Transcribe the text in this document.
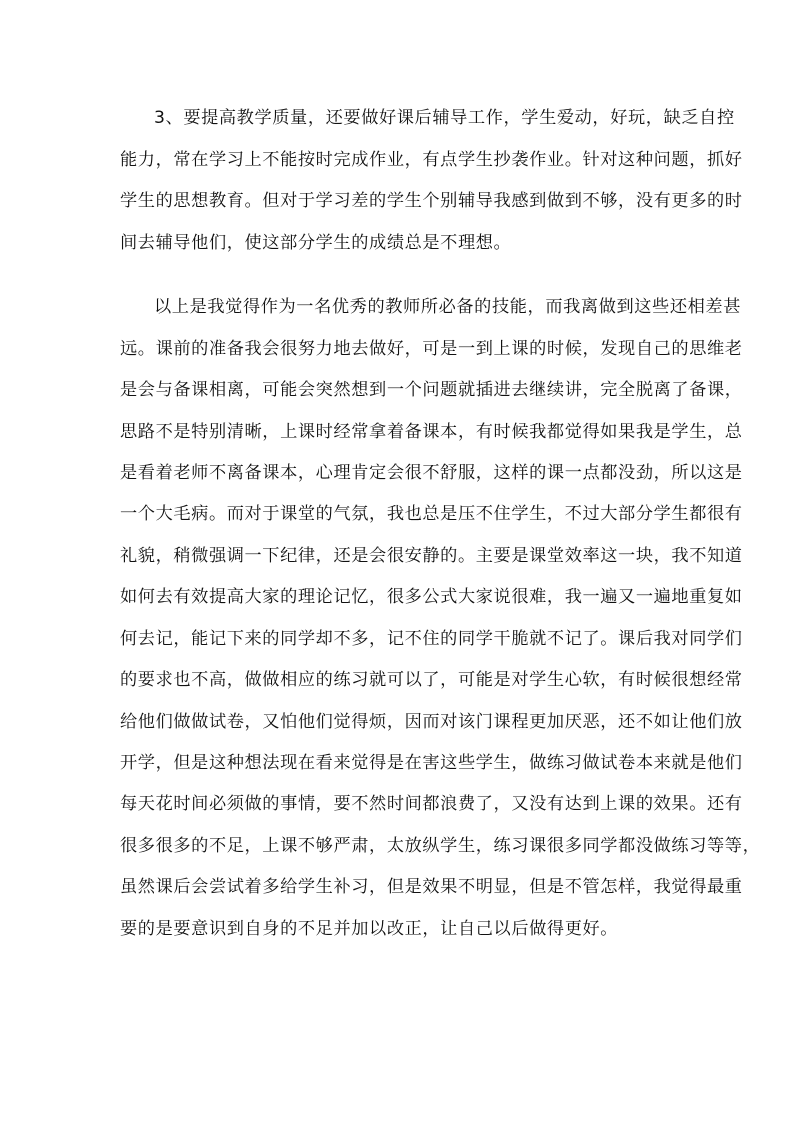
3、要提高教学质量，还要做好课后辅导工作，学生爱动，好玩，缺乏自控
能力，常在学习上不能按时完成作业，有点学生抄袭作业。针对这种问题，抓好
学生的思想教育。但对于学习差的学生个别辅导我感到做到不够，没有更多的时
间去辅导他们，使这部分学生的成绩总是不理想。
以上是我觉得作为一名优秀的教师所必备的技能，而我离做到这些还相差甚
远。课前的准备我会很努力地去做好，可是一到上课的时候，发现自己的思维老
是会与备课相离，可能会突然想到一个问题就插进去继续讲，完全脱离了备课，
思路不是特别清晰，上课时经常拿着备课本，有时候我都觉得如果我是学生，总
是看着老师不离备课本，心理肯定会很不舒服，这样的课一点都没劲，所以这是
一个大毛病。而对于课堂的气氛，我也总是压不住学生，不过大部分学生都很有
礼貌，稍微强调一下纪律，还是会很安静的。主要是课堂效率这一块，我不知道
如何去有效提高大家的理论记忆，很多公式大家说很难，我一遍又一遍地重复如
何去记，能记下来的同学却不多，记不住的同学干脆就不记了。课后我对同学们
的要求也不高，做做相应的练习就可以了，可能是对学生心软，有时候很想经常
给他们做做试卷，又怕他们觉得烦，因而对该门课程更加厌恶，还不如让他们放
开学，但是这种想法现在看来觉得是在害这些学生，做练习做试卷本来就是他们
每天花时间必须做的事情，要不然时间都浪费了，又没有达到上课的效果。还有
很多很多的不足，上课不够严肃，太放纵学生，练习课很多同学都没做练习等等，
虽然课后会尝试着多给学生补习，但是效果不明显，但是不管怎样，我觉得最重
要的是要意识到自身的不足并加以改正，让自己以后做得更好。
